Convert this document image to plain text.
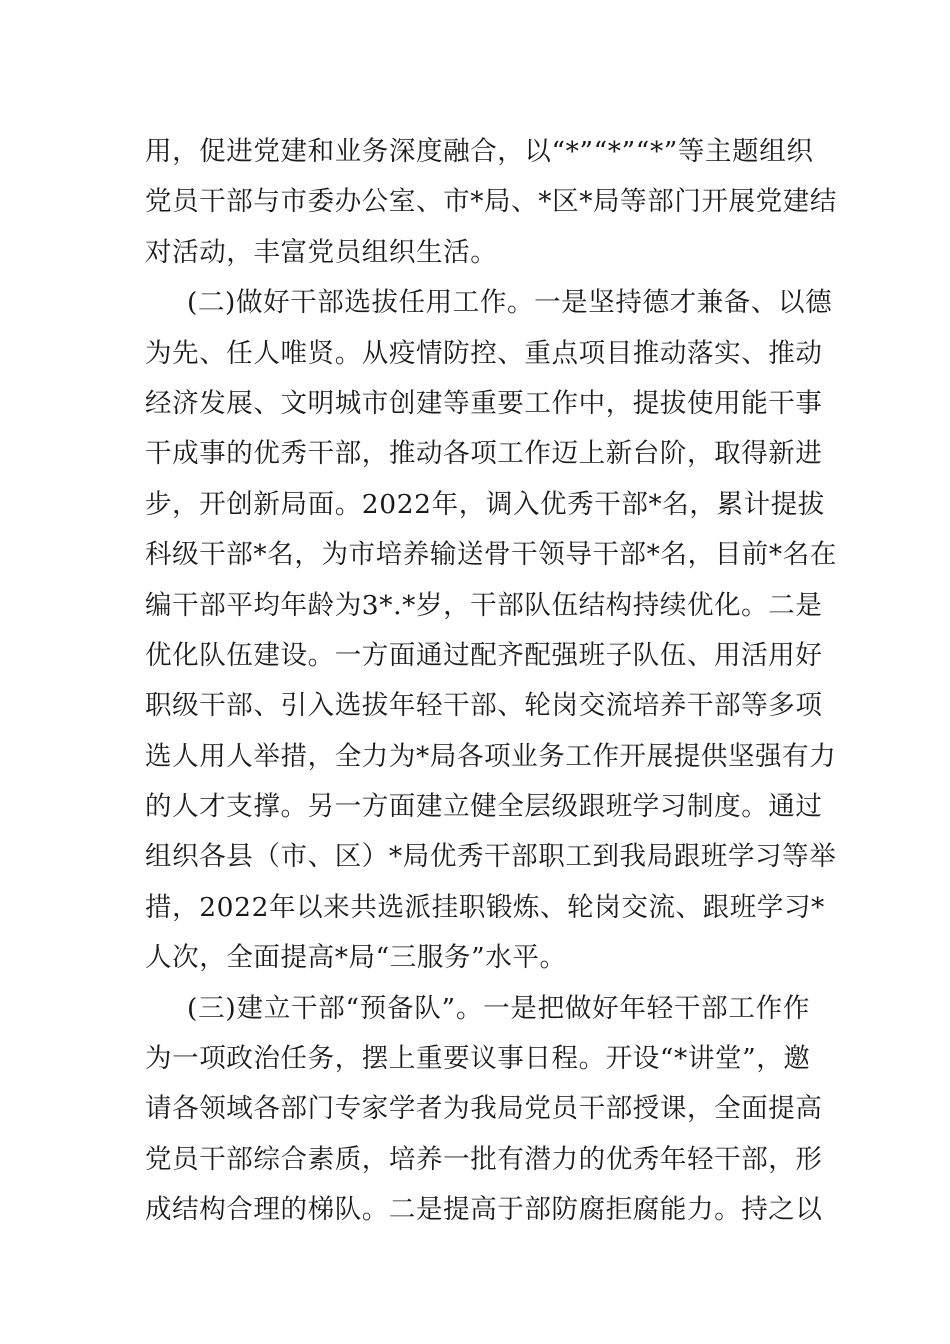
用，促进党建和业务深度融合，以“*”“*”“*”等主题组织
党员干部与市委办公室、市*局、*区*局等部门开展党建结
对活动，丰富党员组织生活。
(二)做好干部选拔任用工作。一是坚持德才兼备、以德
为先、任人唯贤。从疫情防控、重点项目推动落实、推动
经济发展、文明城市创建等重要工作中，提拔使用能干事
干成事的优秀干部，推动各项工作迈上新台阶，取得新进
步，开创新局面。2022年，调入优秀干部*名，累计提拔
科级干部*名，为市培养输送骨干领导干部*名，目前*名在
编干部平均年龄为3*.*岁，干部队伍结构持续优化。二是
优化队伍建设。一方面通过配齐配强班子队伍、用活用好
职级干部、引入选拔年轻干部、轮岗交流培养干部等多项
选人用人举措，全力为*局各项业务工作开展提供坚强有力
的人才支撑。另一方面建立健全层级跟班学习制度。通过
组织各县（市、区）*局优秀干部职工到我局跟班学习等举
措，2022年以来共选派挂职锻炼、轮岗交流、跟班学习*
人次，全面提高*局“三服务”水平。
(三)建立干部“预备队”。一是把做好年轻干部工作作
为一项政治任务，摆上重要议事日程。开设“*讲堂”，邀
请各领域各部门专家学者为我局党员干部授课，全面提高
党员干部综合素质，培养一批有潜力的优秀年轻干部，形
成结构合理的梯队。二是提高于部防腐拒腐能力。持之以
